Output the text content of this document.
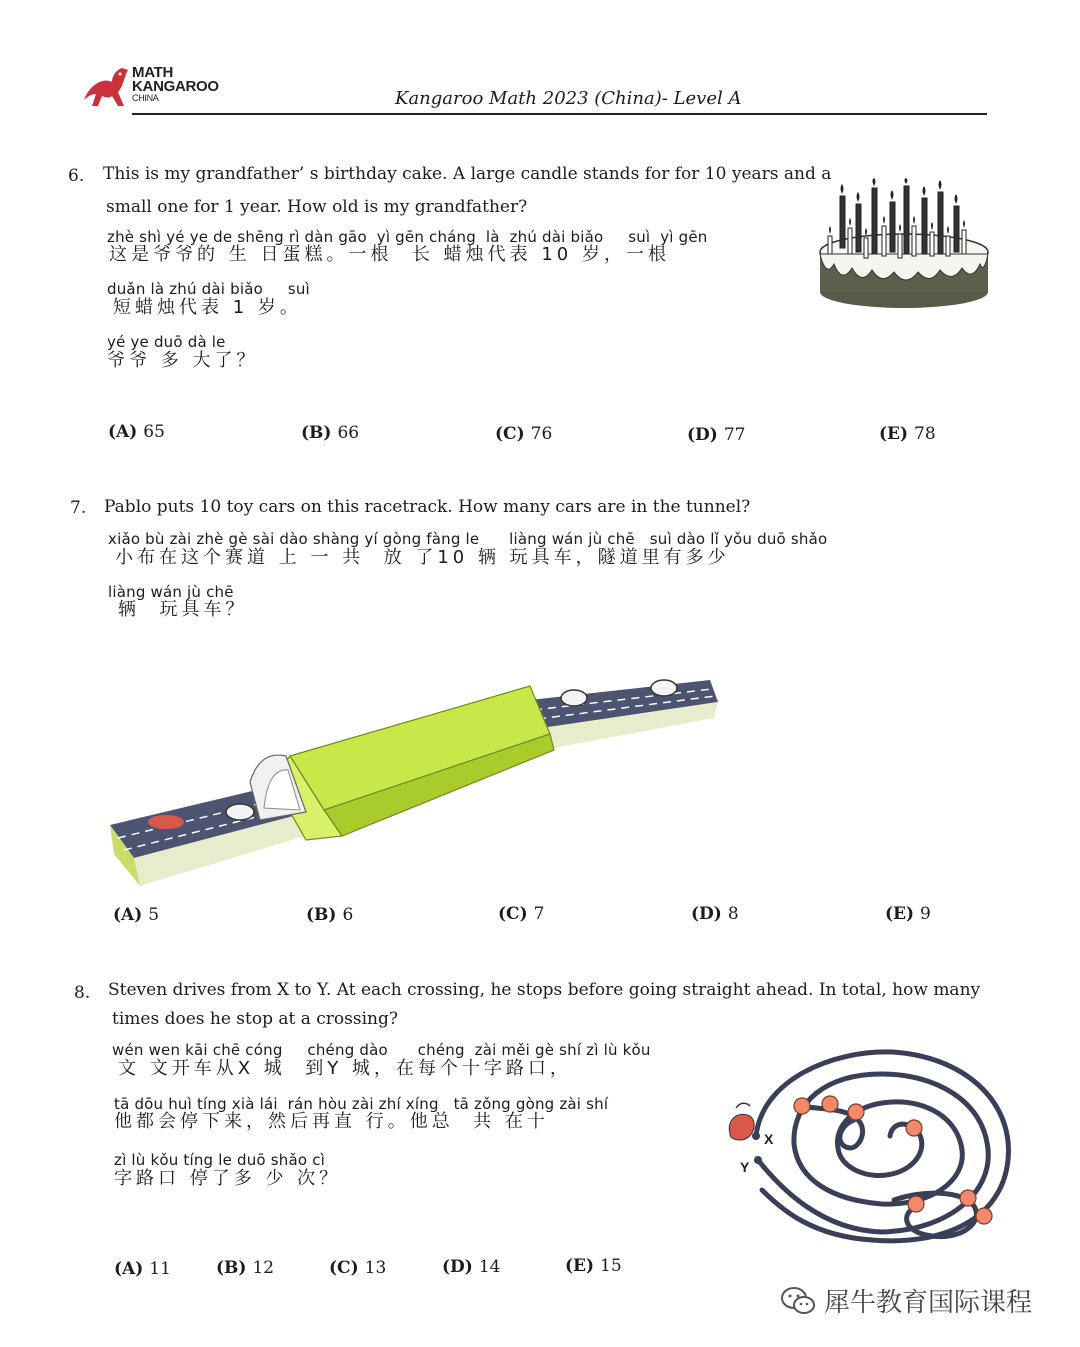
MATH
KANGAROO
CHINA	Kangaroo Math 2023 (China)- Level A
6. This is my grandfather’ s birthday cake. A large candle stands for for 10 years and a
small one for 1 year. How old is my grandfather?
zhè shì yé ye de shēng rì dàn gāo  yì gēn cháng  là  zhú dài biǎo     suì  yì gēn
这是爷爷的 生 日蛋糕。一根  长 蜡烛代表 10 岁，一根
duǎn là zhú dài biǎo     suì
短蜡烛代表 1 岁。
yé ye duō dà le
爷爷 多 大了？
(A) 65	(B) 66	(C) 76	(D) 77	(E) 78
7. Pablo puts 10 toy cars on this racetrack. How many cars are in the tunnel?
xiǎo bù zài zhè gè sài dào shàng yí gòng fàng le      liàng wán jù chē   suì dào lǐ yǒu duō shǎo
小布在这个赛道 上 一 共  放 了10 辆 玩具车，隧道里有多少
liàng wán jù chē
辆  玩具车？
(A) 5	(B) 6	(C) 7	(D) 8	(E) 9
8. Steven drives from X to Y. At each crossing, he stops before going straight ahead. In total, how many
times does he stop at a crossing?
wén wen kāi chē cóng     chéng dào      chéng  zài měi gè shí zì lù kǒu
文 文开车从X 城  到Y 城，在每个十字路口，
tā dōu huì tíng xià lái  rán hòu zài zhí xíng   tā zǒng gòng zài shí
他都会停下来，然后再直 行。他总  共 在十
zì lù kǒu tíng le duō shǎo cì
字路口 停了多 少 次？
X
Y
(A) 11	(B) 12	(C) 13	(D) 14	(E) 15
犀牛教育国际课程
